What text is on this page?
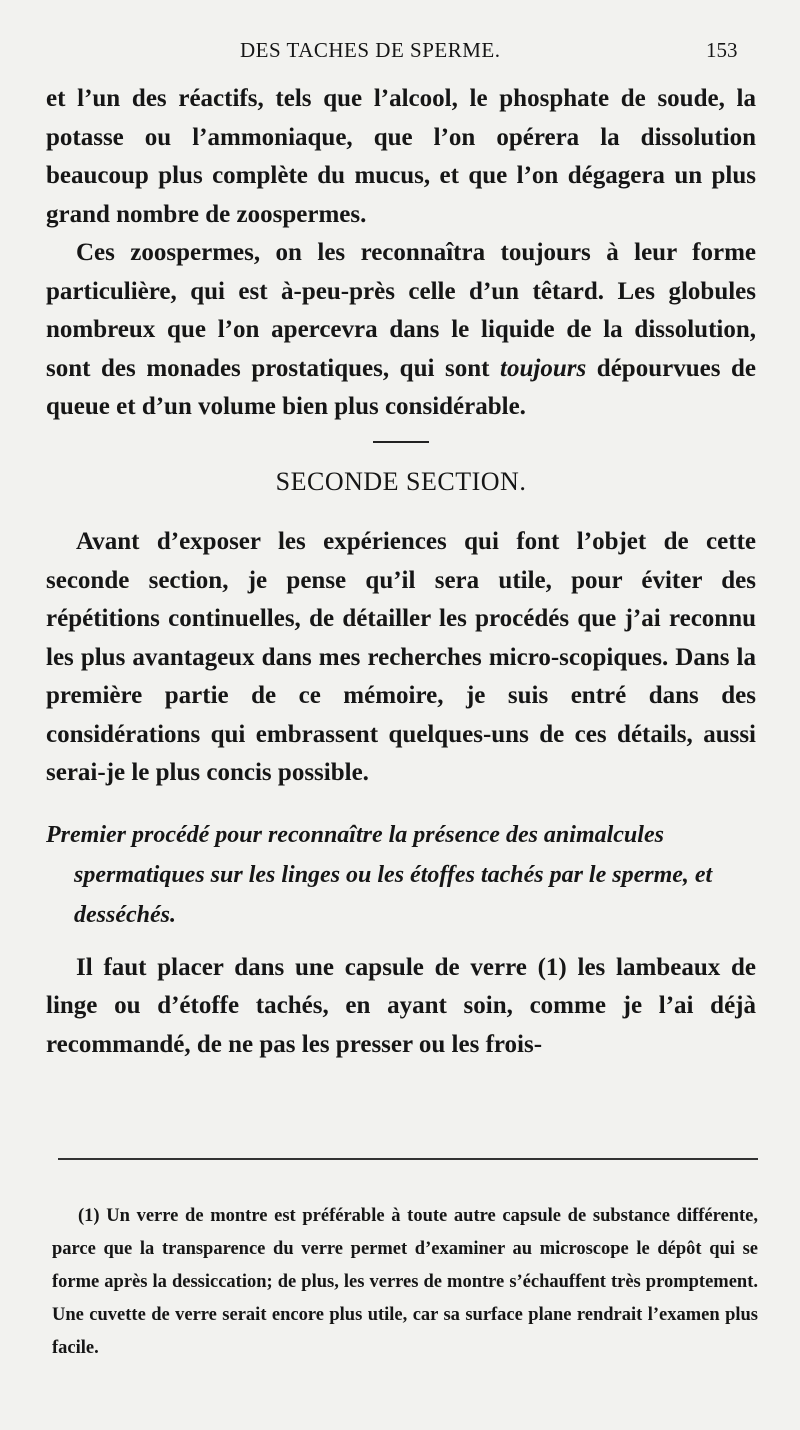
DES TACHES DE SPERME.	153

et l’un des réactifs, tels que l’alcool, le phosphate de soude, la potasse ou l’ammoniaque, que l’on opérera la dissolution beaucoup plus complète du mucus, et que l’on dégagera un plus grand nombre de zoospermes.

Ces zoospermes, on les reconnaîtra toujours à leur forme particulière, qui est à-peu-près celle d’un têtard. Les globules nombreux que l’on apercevra dans le liquide de la dissolution, sont des monades prostatiques, qui sont toujours dépourvues de queue et d’un volume bien plus considérable.

SECONDE SECTION.

Avant d’exposer les expériences qui font l’objet de cette seconde section, je pense qu’il sera utile, pour éviter des répétitions continuelles, de détailler les procédés que j’ai reconnu les plus avantageux dans mes recherches micro-scopiques. Dans la première partie de ce mémoire, je suis entré dans des considérations qui embrassent quelques-uns de ces détails, aussi serai-je le plus concis possible.

Premier procédé pour reconnaître la présence des animalcules spermatiques sur les linges ou les étoffes tachés par le sperme, et desséchés.

Il faut placer dans une capsule de verre (1) les lambeaux de linge ou d’étoffe tachés, en ayant soin, comme je l’ai déjà recommandé, de ne pas les presser ou les frois-

(1) Un verre de montre est préférable à toute autre capsule de substance différente, parce que la transparence du verre permet d’examiner au microscope le dépôt qui se forme après la dessiccation; de plus, les verres de montre s’échauffent très promptement. Une cuvette de verre serait encore plus utile, car sa surface plane rendrait l’examen plus facile.
